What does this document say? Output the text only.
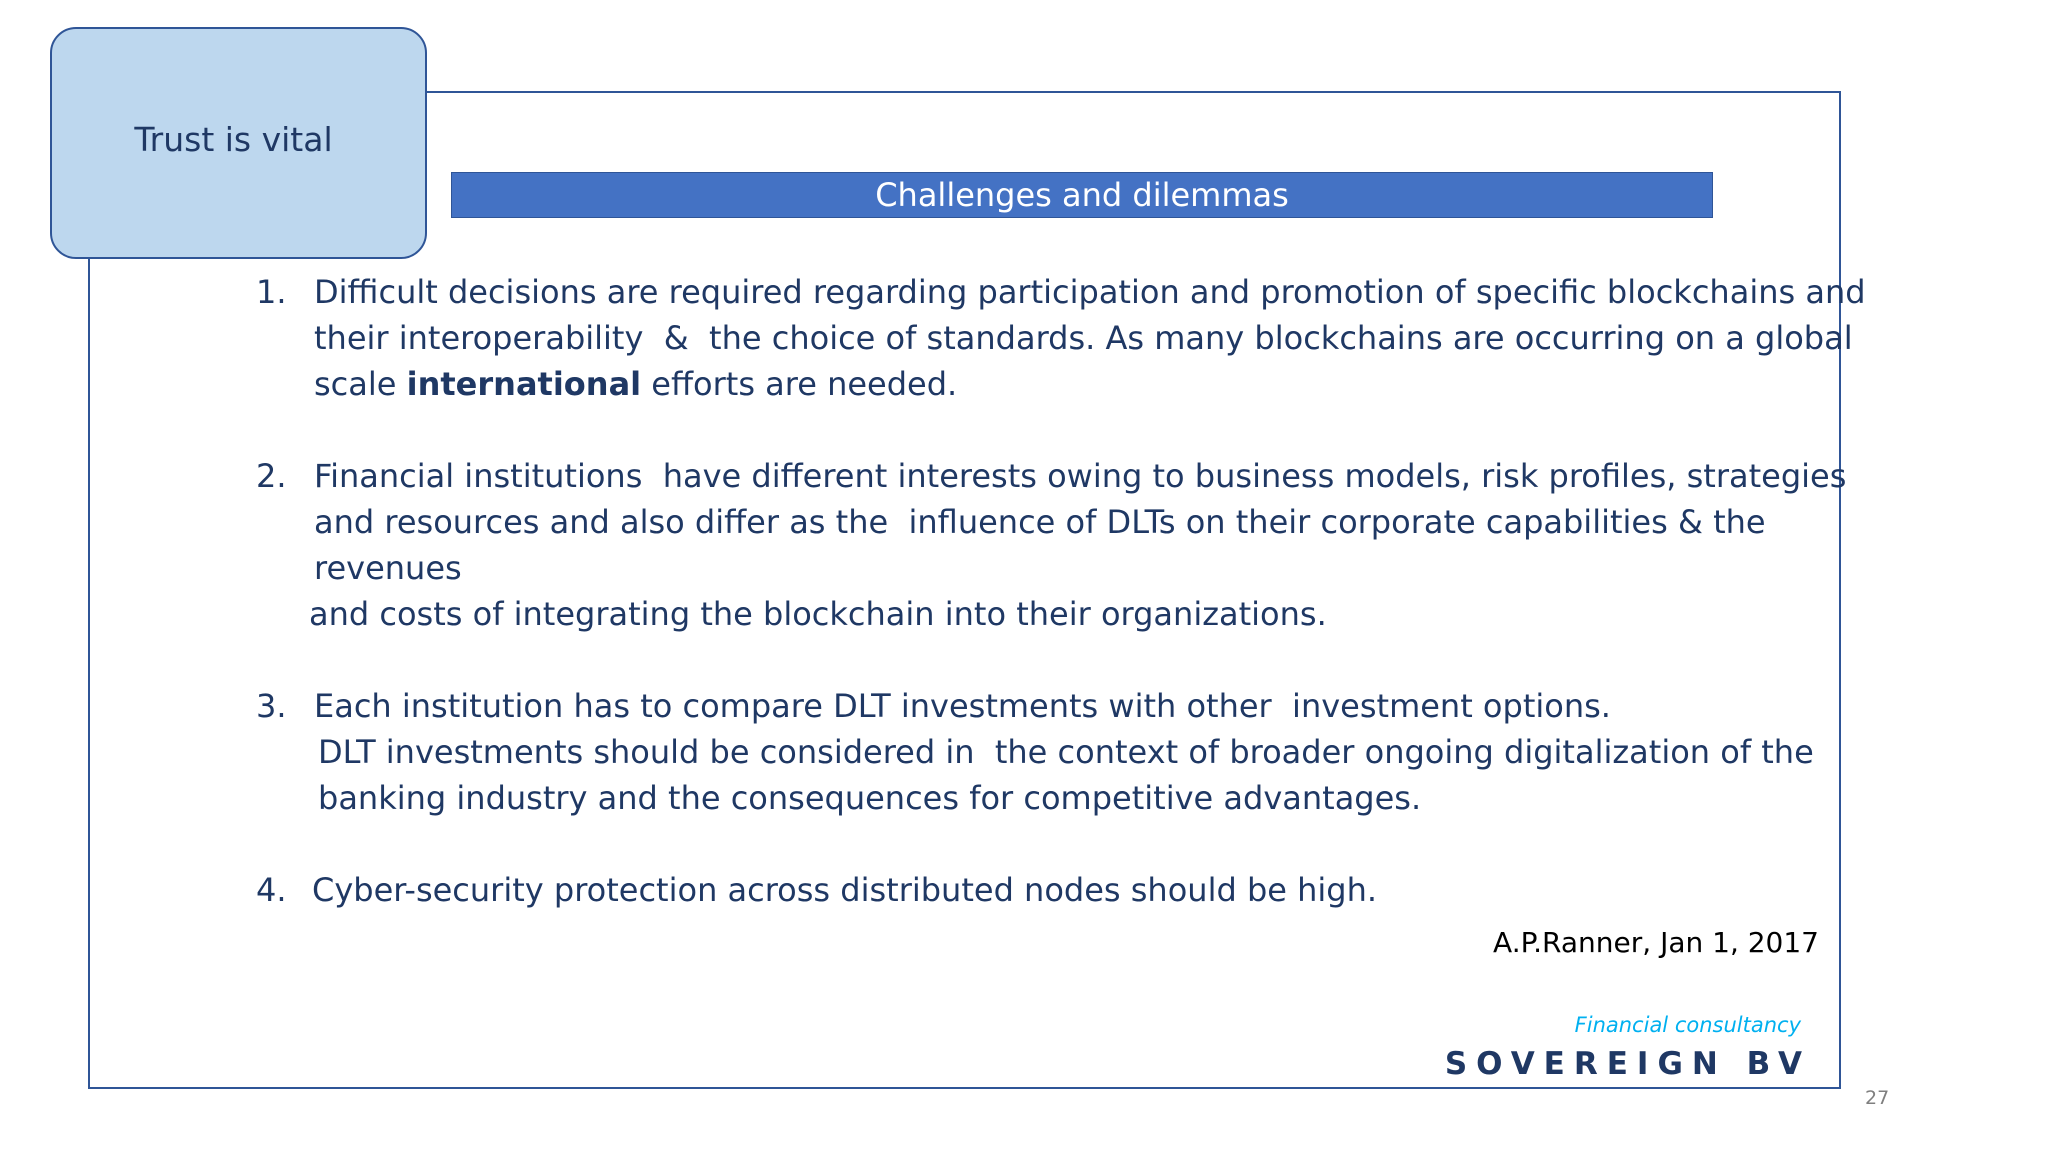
Trust is vital
Challenges and dilemmas
1. Difficult decisions are required regarding participation and promotion of specific blockchains and
their interoperability  &  the choice of standards. As many blockchains are occurring on a global
scale international efforts are needed.
2. Financial institutions  have different interests owing to business models, risk profiles, strategies
and resources and also differ as the  influence of DLTs on their corporate capabilities & the
revenues
and costs of integrating the blockchain into their organizations.
3. Each institution has to compare DLT investments with other  investment options.
DLT investments should be considered in  the context of broader ongoing digitalization of the
banking industry and the consequences for competitive advantages.
4. Cyber-security protection across distributed nodes should be high.
A.P.Ranner, Jan 1, 2017
Financial consultancy
SOVEREIGN BV
27
